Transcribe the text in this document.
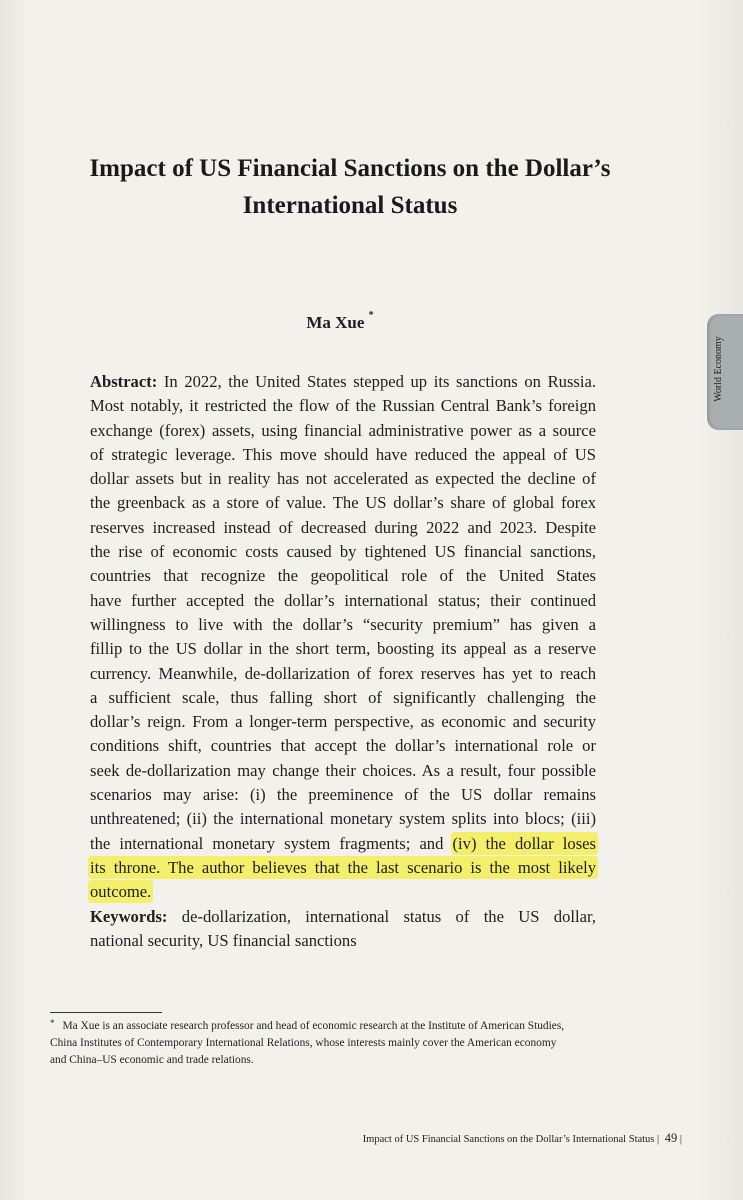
Impact of US Financial Sanctions on the Dollar’s
International Status
Ma Xue *
World Economy
Abstract: In 2022, the United States stepped up its sanctions on Russia.
Most notably, it restricted the flow of the Russian Central Bank’s foreign
exchange (forex) assets, using financial administrative power as a source
of strategic leverage. This move should have reduced the appeal of US
dollar assets but in reality has not accelerated as expected the decline of
the greenback as a store of value. The US dollar’s share of global forex
reserves increased instead of decreased during 2022 and 2023. Despite
the rise of economic costs caused by tightened US financial sanctions,
countries that recognize the geopolitical role of the United States
have further accepted the dollar’s international status; their continued
willingness to live with the dollar’s “security premium” has given a
fillip to the US dollar in the short term, boosting its appeal as a reserve
currency. Meanwhile, de-dollarization of forex reserves has yet to reach
a sufficient scale, thus falling short of significantly challenging the
dollar’s reign. From a longer-term perspective, as economic and security
conditions shift, countries that accept the dollar’s international role or
seek de-dollarization may change their choices. As a result, four possible
scenarios may arise: (i) the preeminence of the US dollar remains
unthreatened; (ii) the international monetary system splits into blocs; (iii)
the international monetary system fragments; and (iv) the dollar loses
its throne. The author believes that the last scenario is the most likely
outcome.
Keywords: de-dollarization, international status of the US dollar,
national security, US financial sanctions
* Ma Xue is an associate research professor and head of economic research at the Institute of American Studies,
China Institutes of Contemporary International Relations, whose interests mainly cover the American economy
and China–US economic and trade relations.
Impact of US Financial Sanctions on the Dollar’s International Status | 49 |
